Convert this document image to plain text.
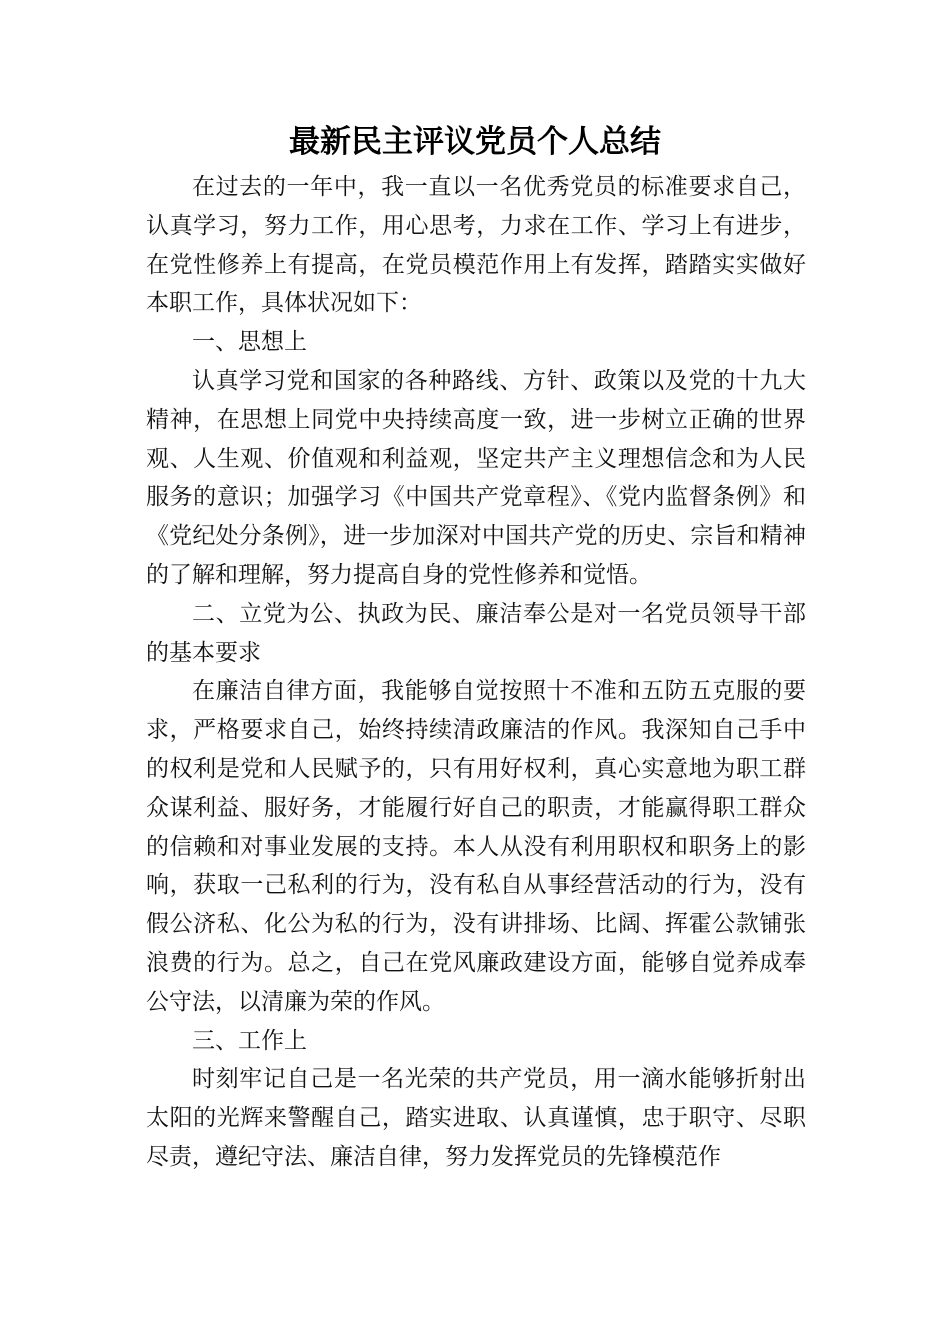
最新民主评议党员个人总结

在过去的一年中，我一直以一名优秀党员的标准要求自己，认真学习，努力工作，用心思考，力求在工作、学习上有进步，在党性修养上有提高，在党员模范作用上有发挥，踏踏实实做好本职工作，具体状况如下：

一、思想上

认真学习党和国家的各种路线、方针、政策以及党的十九大精神，在思想上同党中央持续高度一致，进一步树立正确的世界观、人生观、价值观和利益观，坚定共产主义理想信念和为人民服务的意识；加强学习《中国共产党章程》、《党内监督条例》和《党纪处分条例》，进一步加深对中国共产党的历史、宗旨和精神的了解和理解，努力提高自身的党性修养和觉悟。

二、立党为公、执政为民、廉洁奉公是对一名党员领导干部的基本要求

在廉洁自律方面，我能够自觉按照十不准和五防五克服的要求，严格要求自己，始终持续清政廉洁的作风。我深知自己手中的权利是党和人民赋予的，只有用好权利，真心实意地为职工群众谋利益、服好务，才能履行好自己的职责，才能赢得职工群众的信赖和对事业发展的支持。本人从没有利用职权和职务上的影响，获取一己私利的行为，没有私自从事经营活动的行为，没有假公济私、化公为私的行为，没有讲排场、比阔、挥霍公款铺张浪费的行为。总之，自己在党风廉政建设方面，能够自觉养成奉公守法，以清廉为荣的作风。

三、工作上

时刻牢记自己是一名光荣的共产党员，用一滴水能够折射出太阳的光辉来警醒自己，踏实进取、认真谨慎，忠于职守、尽职尽责，遵纪守法、廉洁自律，努力发挥党员的先锋模范作
